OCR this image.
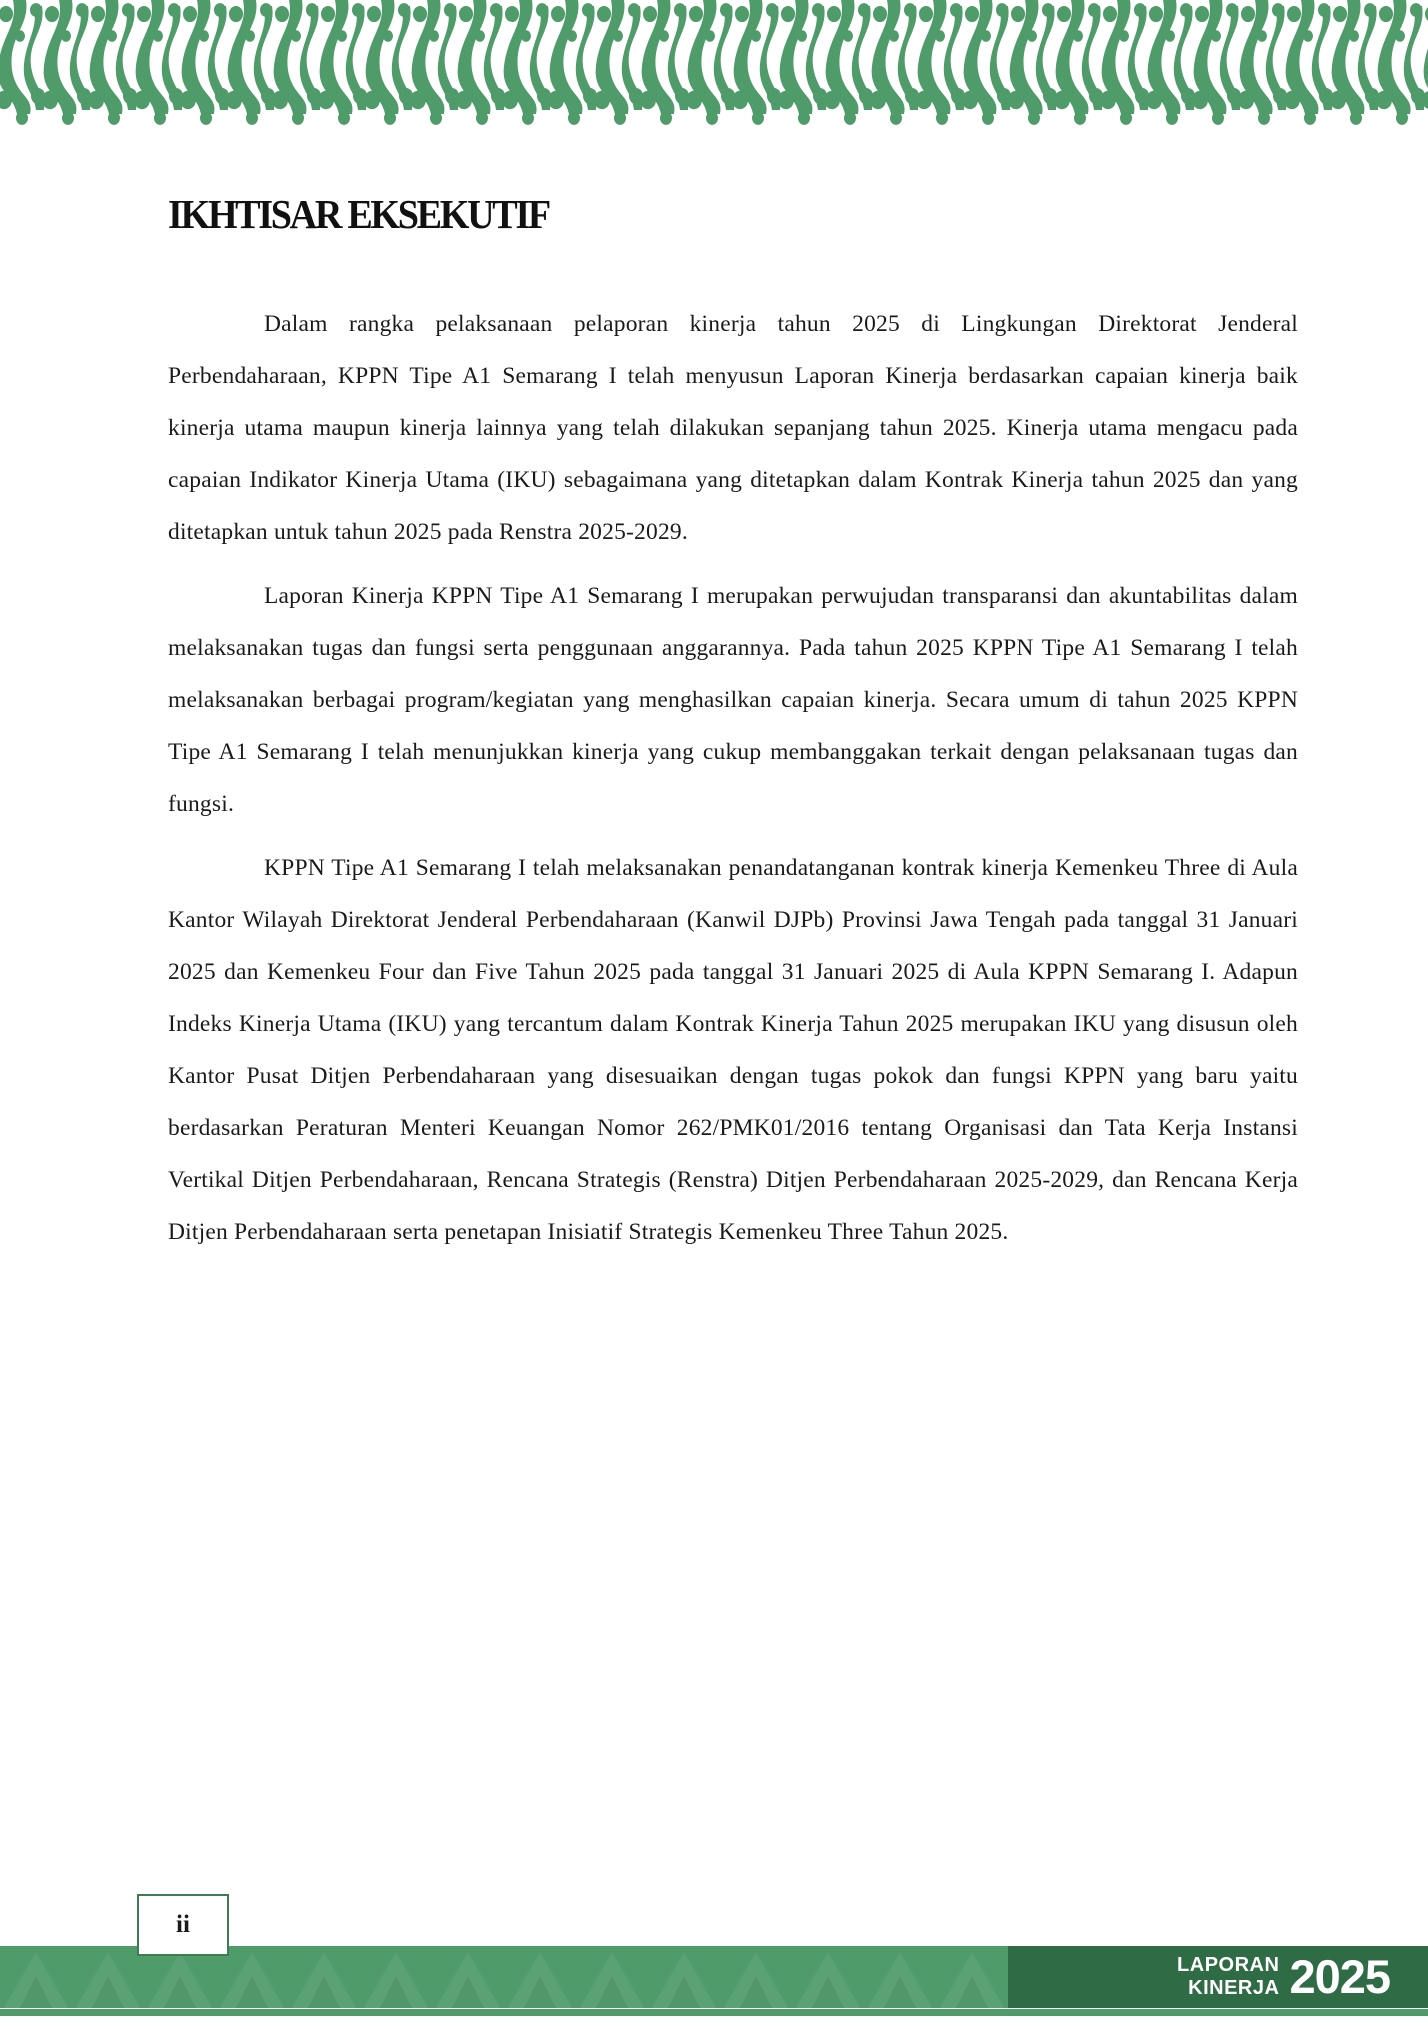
IKHTISAR EKSEKUTIF

Dalam rangka pelaksanaan pelaporan kinerja tahun 2025 di Lingkungan Direktorat Jenderal Perbendaharaan, KPPN Tipe A1 Semarang I telah menyusun Laporan Kinerja berdasarkan capaian kinerja baik kinerja utama maupun kinerja lainnya yang telah dilakukan sepanjang tahun 2025. Kinerja utama mengacu pada capaian Indikator Kinerja Utama (IKU) sebagaimana yang ditetapkan dalam Kontrak Kinerja tahun 2025 dan yang ditetapkan untuk tahun 2025 pada Renstra 2025-2029.

Laporan Kinerja KPPN Tipe A1 Semarang I merupakan perwujudan transparansi dan akuntabilitas dalam melaksanakan tugas dan fungsi serta penggunaan anggarannya. Pada tahun 2025 KPPN Tipe A1 Semarang I telah melaksanakan berbagai program/kegiatan yang menghasilkan capaian kinerja. Secara umum di tahun 2025 KPPN Tipe A1 Semarang I telah menunjukkan kinerja yang cukup membanggakan terkait dengan pelaksanaan tugas dan fungsi.

KPPN Tipe A1 Semarang I telah melaksanakan penandatanganan kontrak kinerja Kemenkeu Three di Aula Kantor Wilayah Direktorat Jenderal Perbendaharaan (Kanwil DJPb) Provinsi Jawa Tengah pada tanggal 31 Januari 2025 dan Kemenkeu Four dan Five Tahun 2025 pada tanggal 31 Januari 2025 di Aula KPPN Semarang I. Adapun Indeks Kinerja Utama (IKU) yang tercantum dalam Kontrak Kinerja Tahun 2025 merupakan IKU yang disusun oleh Kantor Pusat Ditjen Perbendaharaan yang disesuaikan dengan tugas pokok dan fungsi KPPN yang baru yaitu berdasarkan Peraturan Menteri Keuangan Nomor 262/PMK01/2016 tentang Organisasi dan Tata Kerja Instansi Vertikal Ditjen Perbendaharaan, Rencana Strategis (Renstra) Ditjen Perbendaharaan 2025-2029, dan Rencana Kerja Ditjen Perbendaharaan serta penetapan Inisiatif Strategis Kemenkeu Three Tahun 2025.

ii
LAPORAN
KINERJA 2025
